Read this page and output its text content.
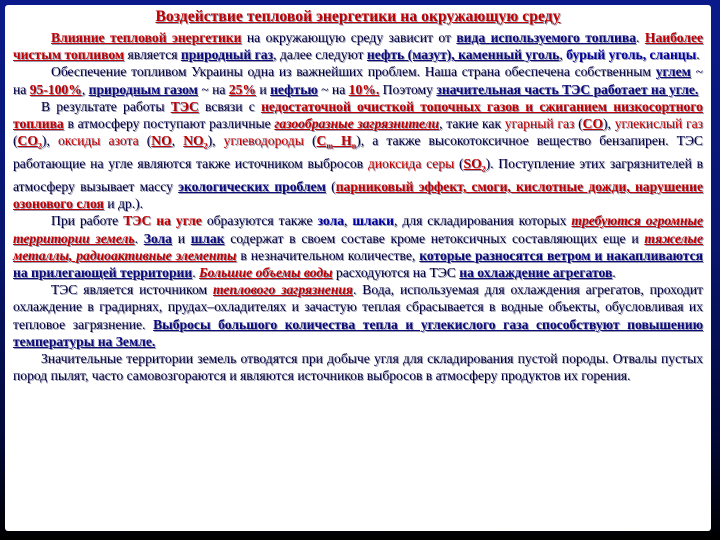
Воздействие тепловой энергетики на окружающую среду

Влияние тепловой энергетики на окружающую среду зависит от вида используемого топлива. Наиболее чистым топливом является природный газ, далее следуют нефть (мазут), каменный уголь, бурый уголь, сланцы.

Обеспечение топливом Украины одна из важнейших проблем. Наша страна обеспечена собственным углем ~ на 95-100%, природным газом ~ на 25% и нефтью ~ на 10%. Поэтому значительная часть ТЭС работает на угле.

В результате работы ТЭС всвязи с недостаточной очисткой топочных газов и сжиганием низкосортного топлива в атмосферу поступают различные газообразные загрязнители, такие как угарный газ (CO), углекислый газ $(CO_2)$, оксиды азота (NO, $NO_2$), углеводороды ($C_m$ $H_n$), а также высокотоксичное вещество бензапирен. ТЭС работающие на угле являются также источником выбросов диоксида серы $(SO_2)$. Поступление этих загрязнителей в атмосферу вызывает массу экологических проблем (парниковый эффект, смоги, кислотные дожди, нарушение озонового слоя и др.).

При работе ТЭС на угле образуются также зола, шлаки, для складирования которых требуются огромные территории земель. Зола и шлак содержат в своем составе кроме нетоксичных составляющих еще и тяжелые металлы, радиоактивные элементы в незначительном количестве, которые разносятся ветром и накапливаются на прилегающей территории. Большие объемы воды расходуются на ТЭС на охлаждение агрегатов.

ТЭС является источником теплового загрязнения. Вода, используемая для охлаждения агрегатов, проходит охлаждение в градирнях, прудах–охладителях и зачастую теплая сбрасывается в водные объекты, обусловливая их тепловое загрязнение. Выбросы большого количества тепла и углекислого газа способствуют повышению температуры на Земле.

Значительные территории земель отводятся при добыче угля для складирования пустой породы. Отвалы пустых пород пылят, часто самовозгораются и являются источников выбросов в атмосферу продуктов их горения.
